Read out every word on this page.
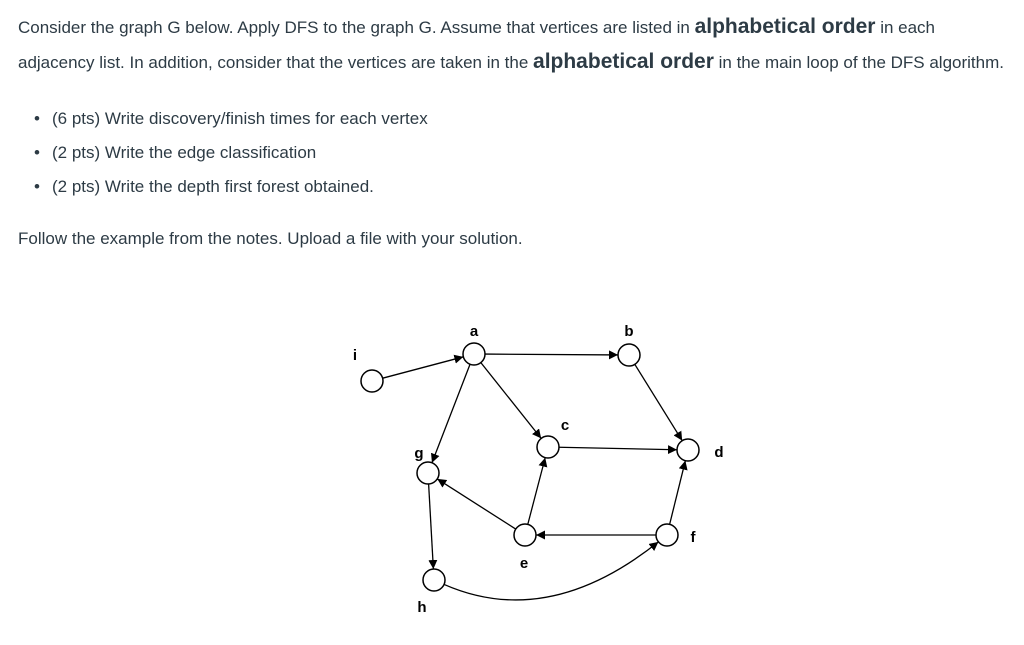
Consider the graph G below. Apply DFS to the graph G. Assume that vertices are listed in alphabetical order in each adjacency list. In addition, consider that the vertices are taken in the alphabetical order in the main loop of the DFS algorithm.

• (6 pts) Write discovery/finish times for each vertex
• (2 pts) Write the edge classification
• (2 pts) Write the depth first forest obtained.

Follow the example from the notes. Upload a file with your solution.

a	b
c
d
e
f
g
h
i
